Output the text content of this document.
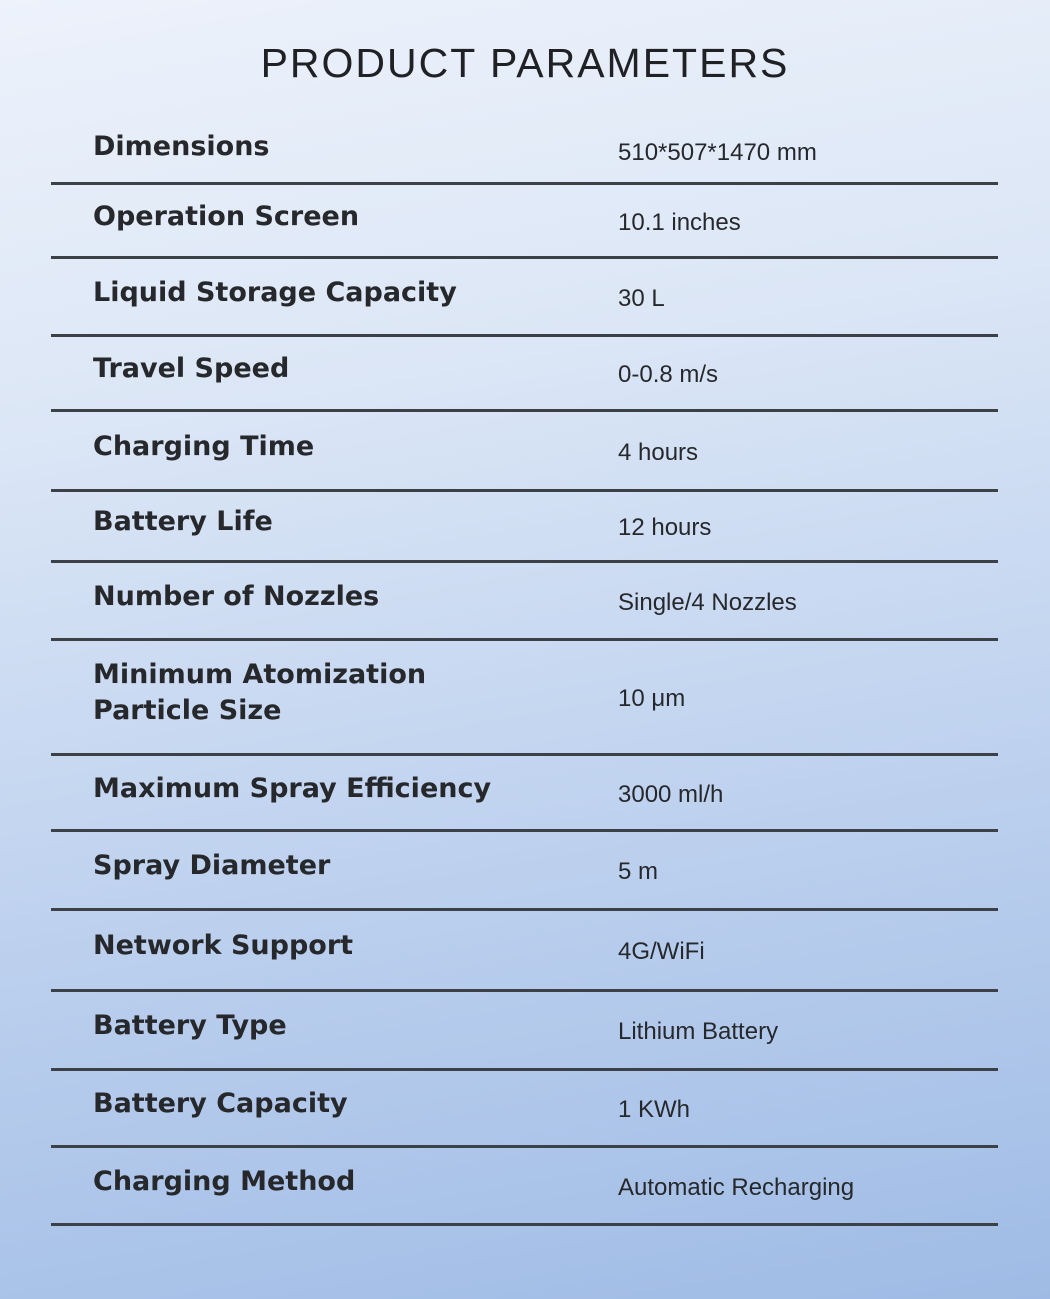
PRODUCT PARAMETERS
Dimensions	510*507*1470 mm
Operation Screen	10.1 inches
Liquid Storage Capacity	30 L
Travel Speed	0-0.8 m/s
Charging Time	4 hours
Battery Life	12 hours
Number of Nozzles	Single/4 Nozzles
Minimum Atomization Particle Size	10 μm
Maximum Spray Efficiency	3000 ml/h
Spray Diameter	5 m
Network Support	4G/WiFi
Battery Type	Lithium Battery
Battery Capacity	1 KWh
Charging Method	Automatic Recharging
